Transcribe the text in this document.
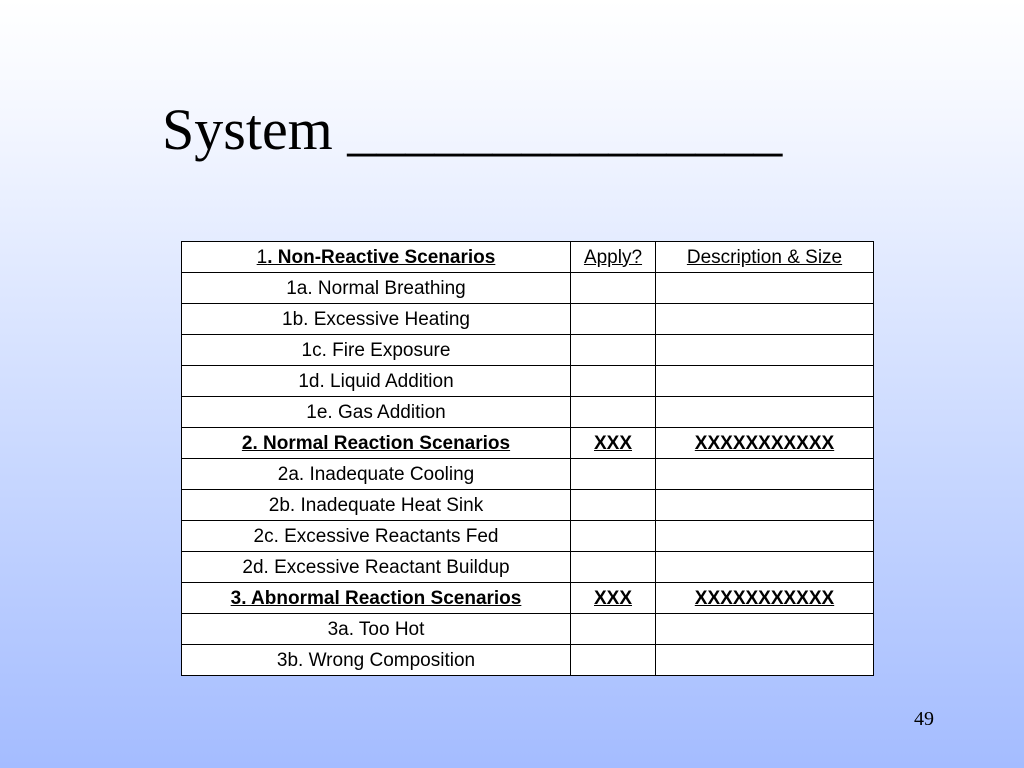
System _______________
1. Non-Reactive Scenarios	Apply?	Description & Size
1a. Normal Breathing		
1b. Excessive Heating		
1c. Fire Exposure		
1d. Liquid Addition		
1e. Gas Addition		
2. Normal Reaction Scenarios	XXX	XXXXXXXXXXX
2a. Inadequate Cooling		
2b. Inadequate Heat Sink		
2c. Excessive Reactants Fed		
2d. Excessive Reactant Buildup		
3. Abnormal Reaction Scenarios	XXX	XXXXXXXXXXX
3a. Too Hot		
3b. Wrong Composition		
49
